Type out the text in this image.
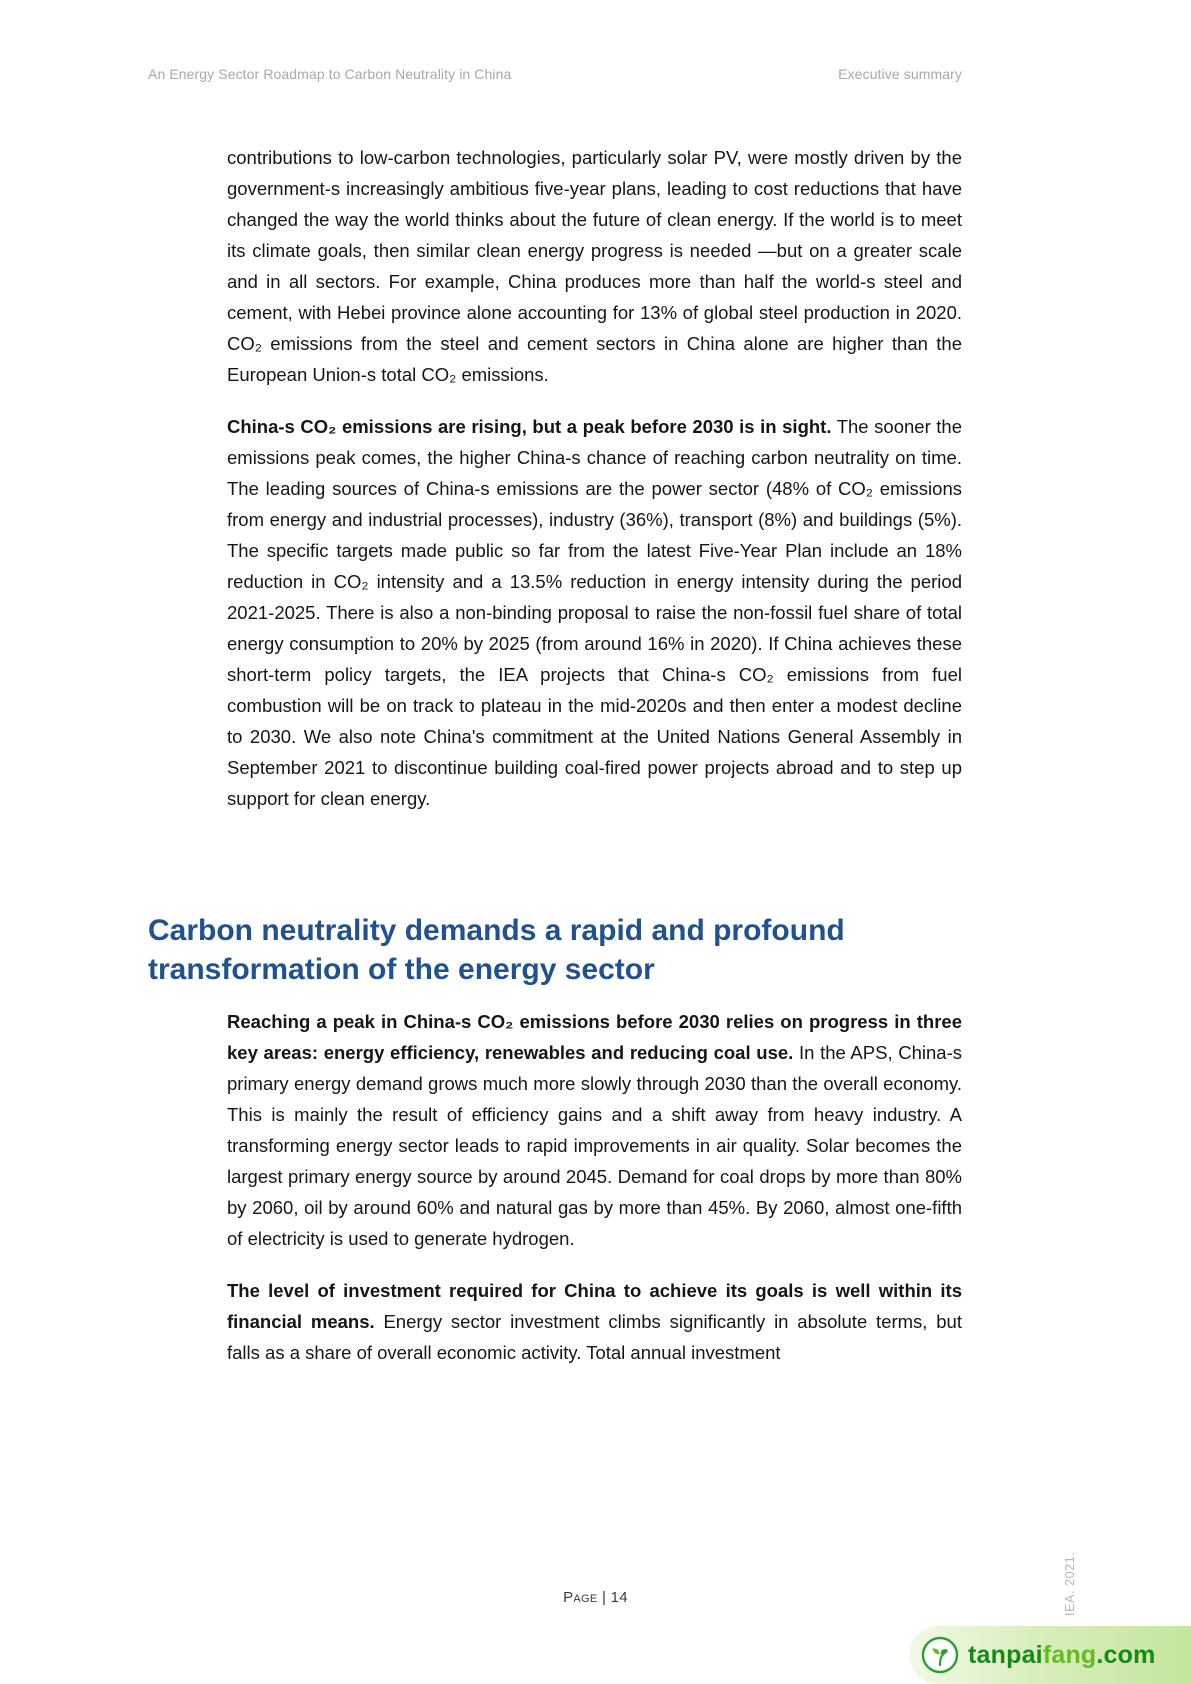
An Energy Sector Roadmap to Carbon Neutrality in China	Executive summary

contributions to low-carbon technologies, particularly solar PV, were mostly driven by the government-s increasingly ambitious five-year plans, leading to cost reductions that have changed the way the world thinks about the future of clean energy. If the world is to meet its climate goals, then similar clean energy progress is needed —but on a greater scale and in all sectors. For example, China produces more than half the world-s steel and cement, with Hebei province alone accounting for 13% of global steel production in 2020. CO₂ emissions from the steel and cement sectors in China alone are higher than the European Union-s total CO₂ emissions.

China-s CO₂ emissions are rising, but a peak before 2030 is in sight. The sooner the emissions peak comes, the higher China-s chance of reaching carbon neutrality on time. The leading sources of China-s emissions are the power sector (48% of CO₂ emissions from energy and industrial processes), industry (36%), transport (8%) and buildings (5%). The specific targets made public so far from the latest Five-Year Plan include an 18% reduction in CO₂ intensity and a 13.5% reduction in energy intensity during the period 2021-2025. There is also a non-binding proposal to raise the non-fossil fuel share of total energy consumption to 20% by 2025 (from around 16% in 2020). If China achieves these short-term policy targets, the IEA projects that China-s CO₂ emissions from fuel combustion will be on track to plateau in the mid-2020s and then enter a modest decline to 2030. We also note China's commitment at the United Nations General Assembly in September 2021 to discontinue building coal-fired power projects abroad and to step up support for clean energy.

Carbon neutrality demands a rapid and profound transformation of the energy sector

Reaching a peak in China-s CO₂ emissions before 2030 relies on progress in three key areas: energy efficiency, renewables and reducing coal use. In the APS, China-s primary energy demand grows much more slowly through 2030 than the overall economy. This is mainly the result of efficiency gains and a shift away from heavy industry. A transforming energy sector leads to rapid improvements in air quality. Solar becomes the largest primary energy source by around 2045. Demand for coal drops by more than 80% by 2060, oil by around 60% and natural gas by more than 45%. By 2060, almost one-fifth of electricity is used to generate hydrogen.

The level of investment required for China to achieve its goals is well within its financial means. Energy sector investment climbs significantly in absolute terms, but falls as a share of overall economic activity. Total annual investment

Page | 14	IEA. 2021.
tanpaifang.com
